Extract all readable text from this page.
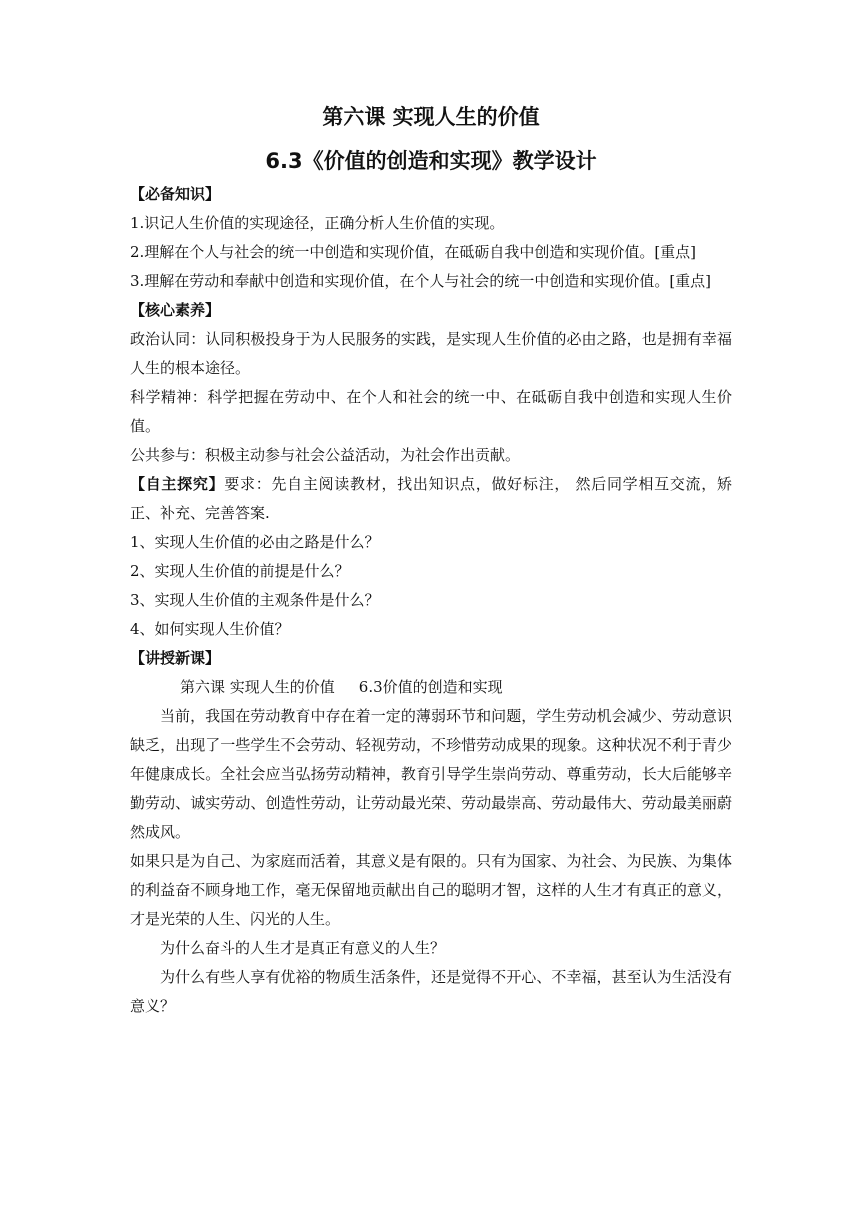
第六课 实现人生的价值
6.3《价值的创造和实现》教学设计
【必备知识】
1.识记人生价值的实现途径，正确分析人生价值的实现。
2.理解在个人与社会的统一中创造和实现价值，在砥砺自我中创造和实现价值。[重点]
3.理解在劳动和奉献中创造和实现价值，在个人与社会的统一中创造和实现价值。[重点]
【核心素养】
政治认同：认同积极投身于为人民服务的实践，是实现人生价值的必由之路，也是拥有幸福人生的根本途径。
科学精神：科学把握在劳动中、在个人和社会的统一中、在砥砺自我中创造和实现人生价值。
公共参与：积极主动参与社会公益活动，为社会作出贡献。
【自主探究】要求：先自主阅读教材，找出知识点，做好标注， 然后同学相互交流，矫正、补充、完善答案.
1、实现人生价值的必由之路是什么？
2、实现人生价值的前提是什么？
3、实现人生价值的主观条件是什么？
4、如何实现人生价值？
【讲授新课】
第六课 实现人生的价值 6.3价值的创造和实现
当前，我国在劳动教育中存在着一定的薄弱环节和问题，学生劳动机会减少、劳动意识缺乏，出现了一些学生不会劳动、轻视劳动，不珍惜劳动成果的现象。这种状况不利于青少年健康成长。全社会应当弘扬劳动精神，教育引导学生崇尚劳动、尊重劳动，长大后能够辛勤劳动、诚实劳动、创造性劳动，让劳动最光荣、劳动最崇高、劳动最伟大、劳动最美丽蔚然成风。
如果只是为自己、为家庭而活着，其意义是有限的。只有为国家、为社会、为民族、为集体的利益奋不顾身地工作，毫无保留地贡献出自己的聪明才智，这样的人生才有真正的意义，才是光荣的人生、闪光的人生。
为什么奋斗的人生才是真正有意义的人生？
为什么有些人享有优裕的物质生活条件，还是觉得不开心、不幸福，甚至认为生活没有意义？
